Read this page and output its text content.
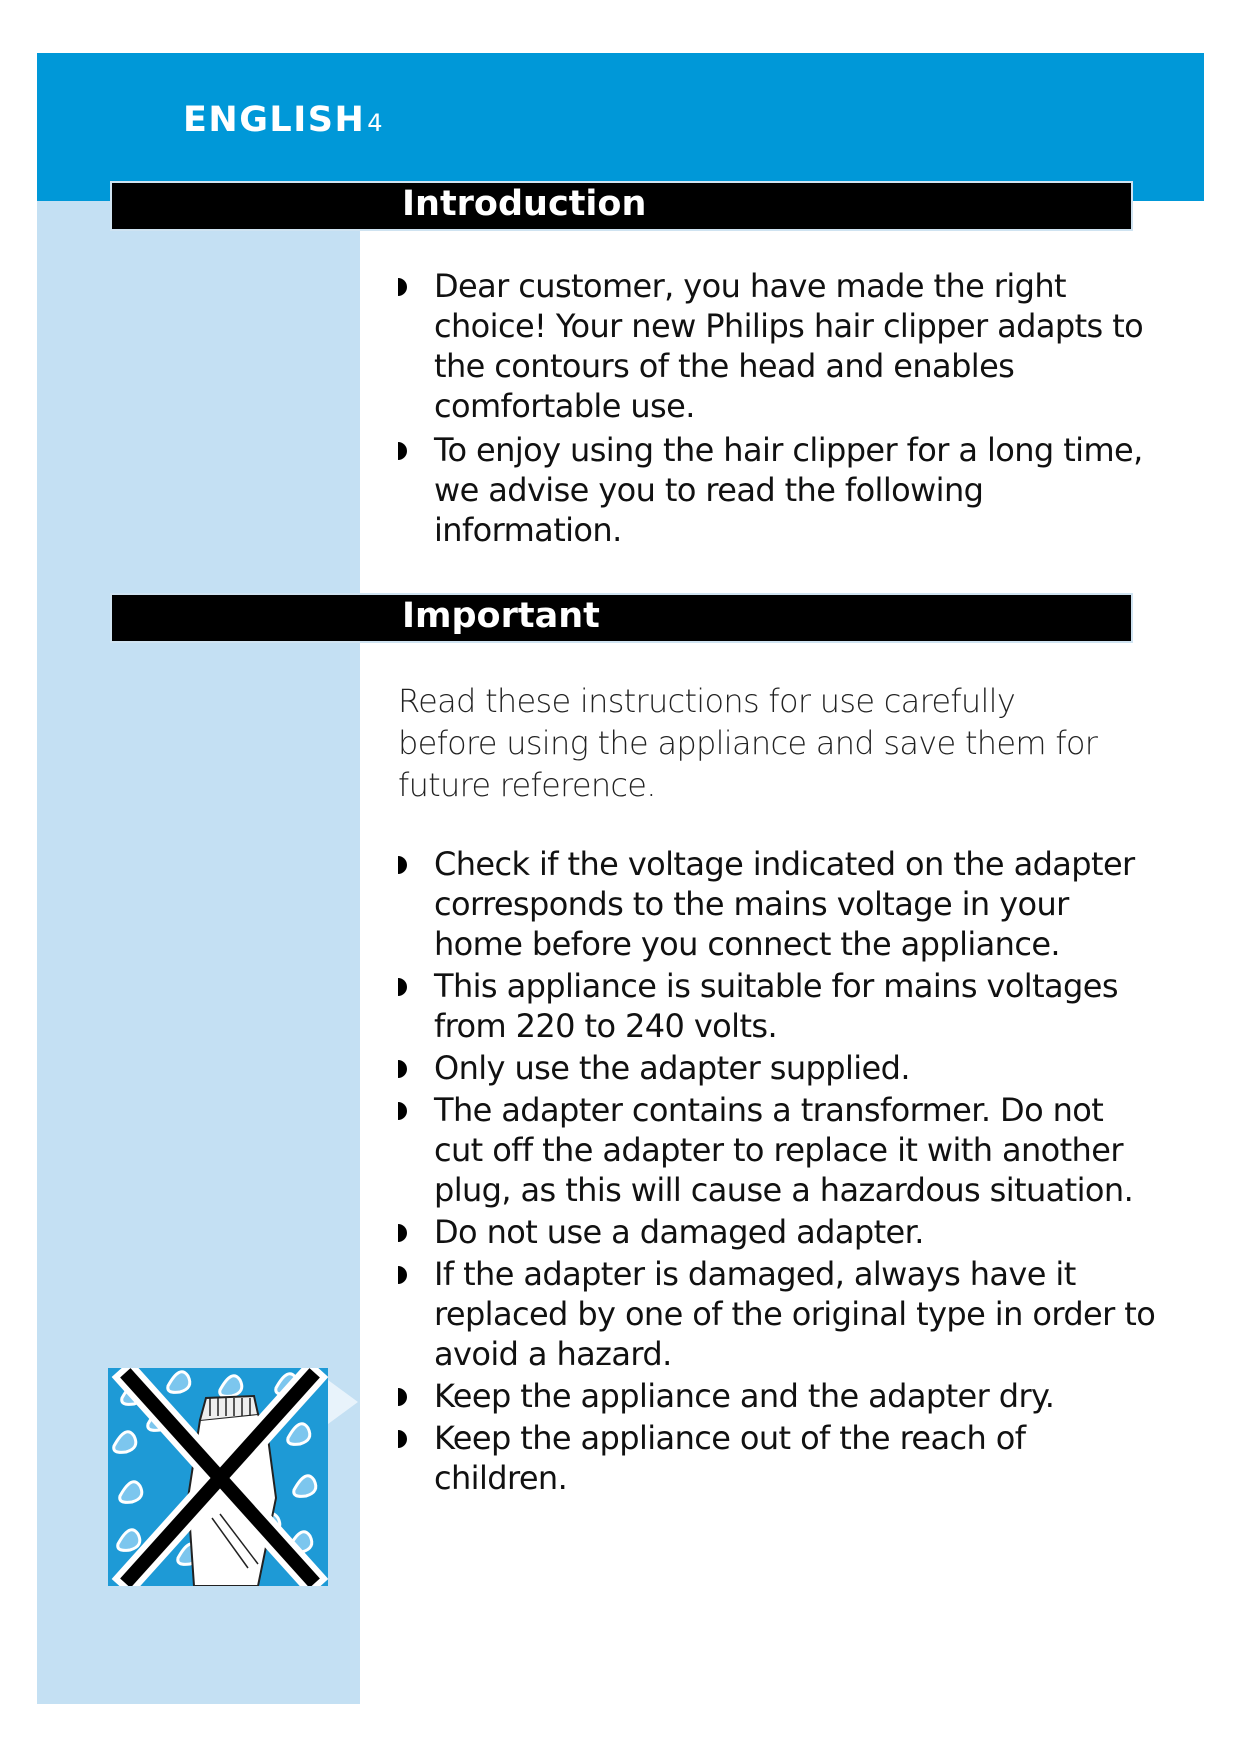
ENGLISH4
Introduction
Dear customer, you have made the right choice! Your new Philips hair clipper adapts to the contours of the head and enables comfortable use.
To enjoy using the hair clipper for a long time, we advise you to read the following information.
Important

Read these instructions for use carefully before using the appliance and save them for future reference.

Check if the voltage indicated on the adapter corresponds to the mains voltage in your home before you connect the appliance.
This appliance is suitable for mains voltages from 220 to 240 volts.
Only use the adapter supplied.
The adapter contains a transformer. Do not cut off the adapter to replace it with another plug, as this will cause a hazardous situation.
Do not use a damaged adapter.
If the adapter is damaged, always have it replaced by one of the original type in order to avoid a hazard.
Keep the appliance and the adapter dry.
Keep the appliance out of the reach of children.
